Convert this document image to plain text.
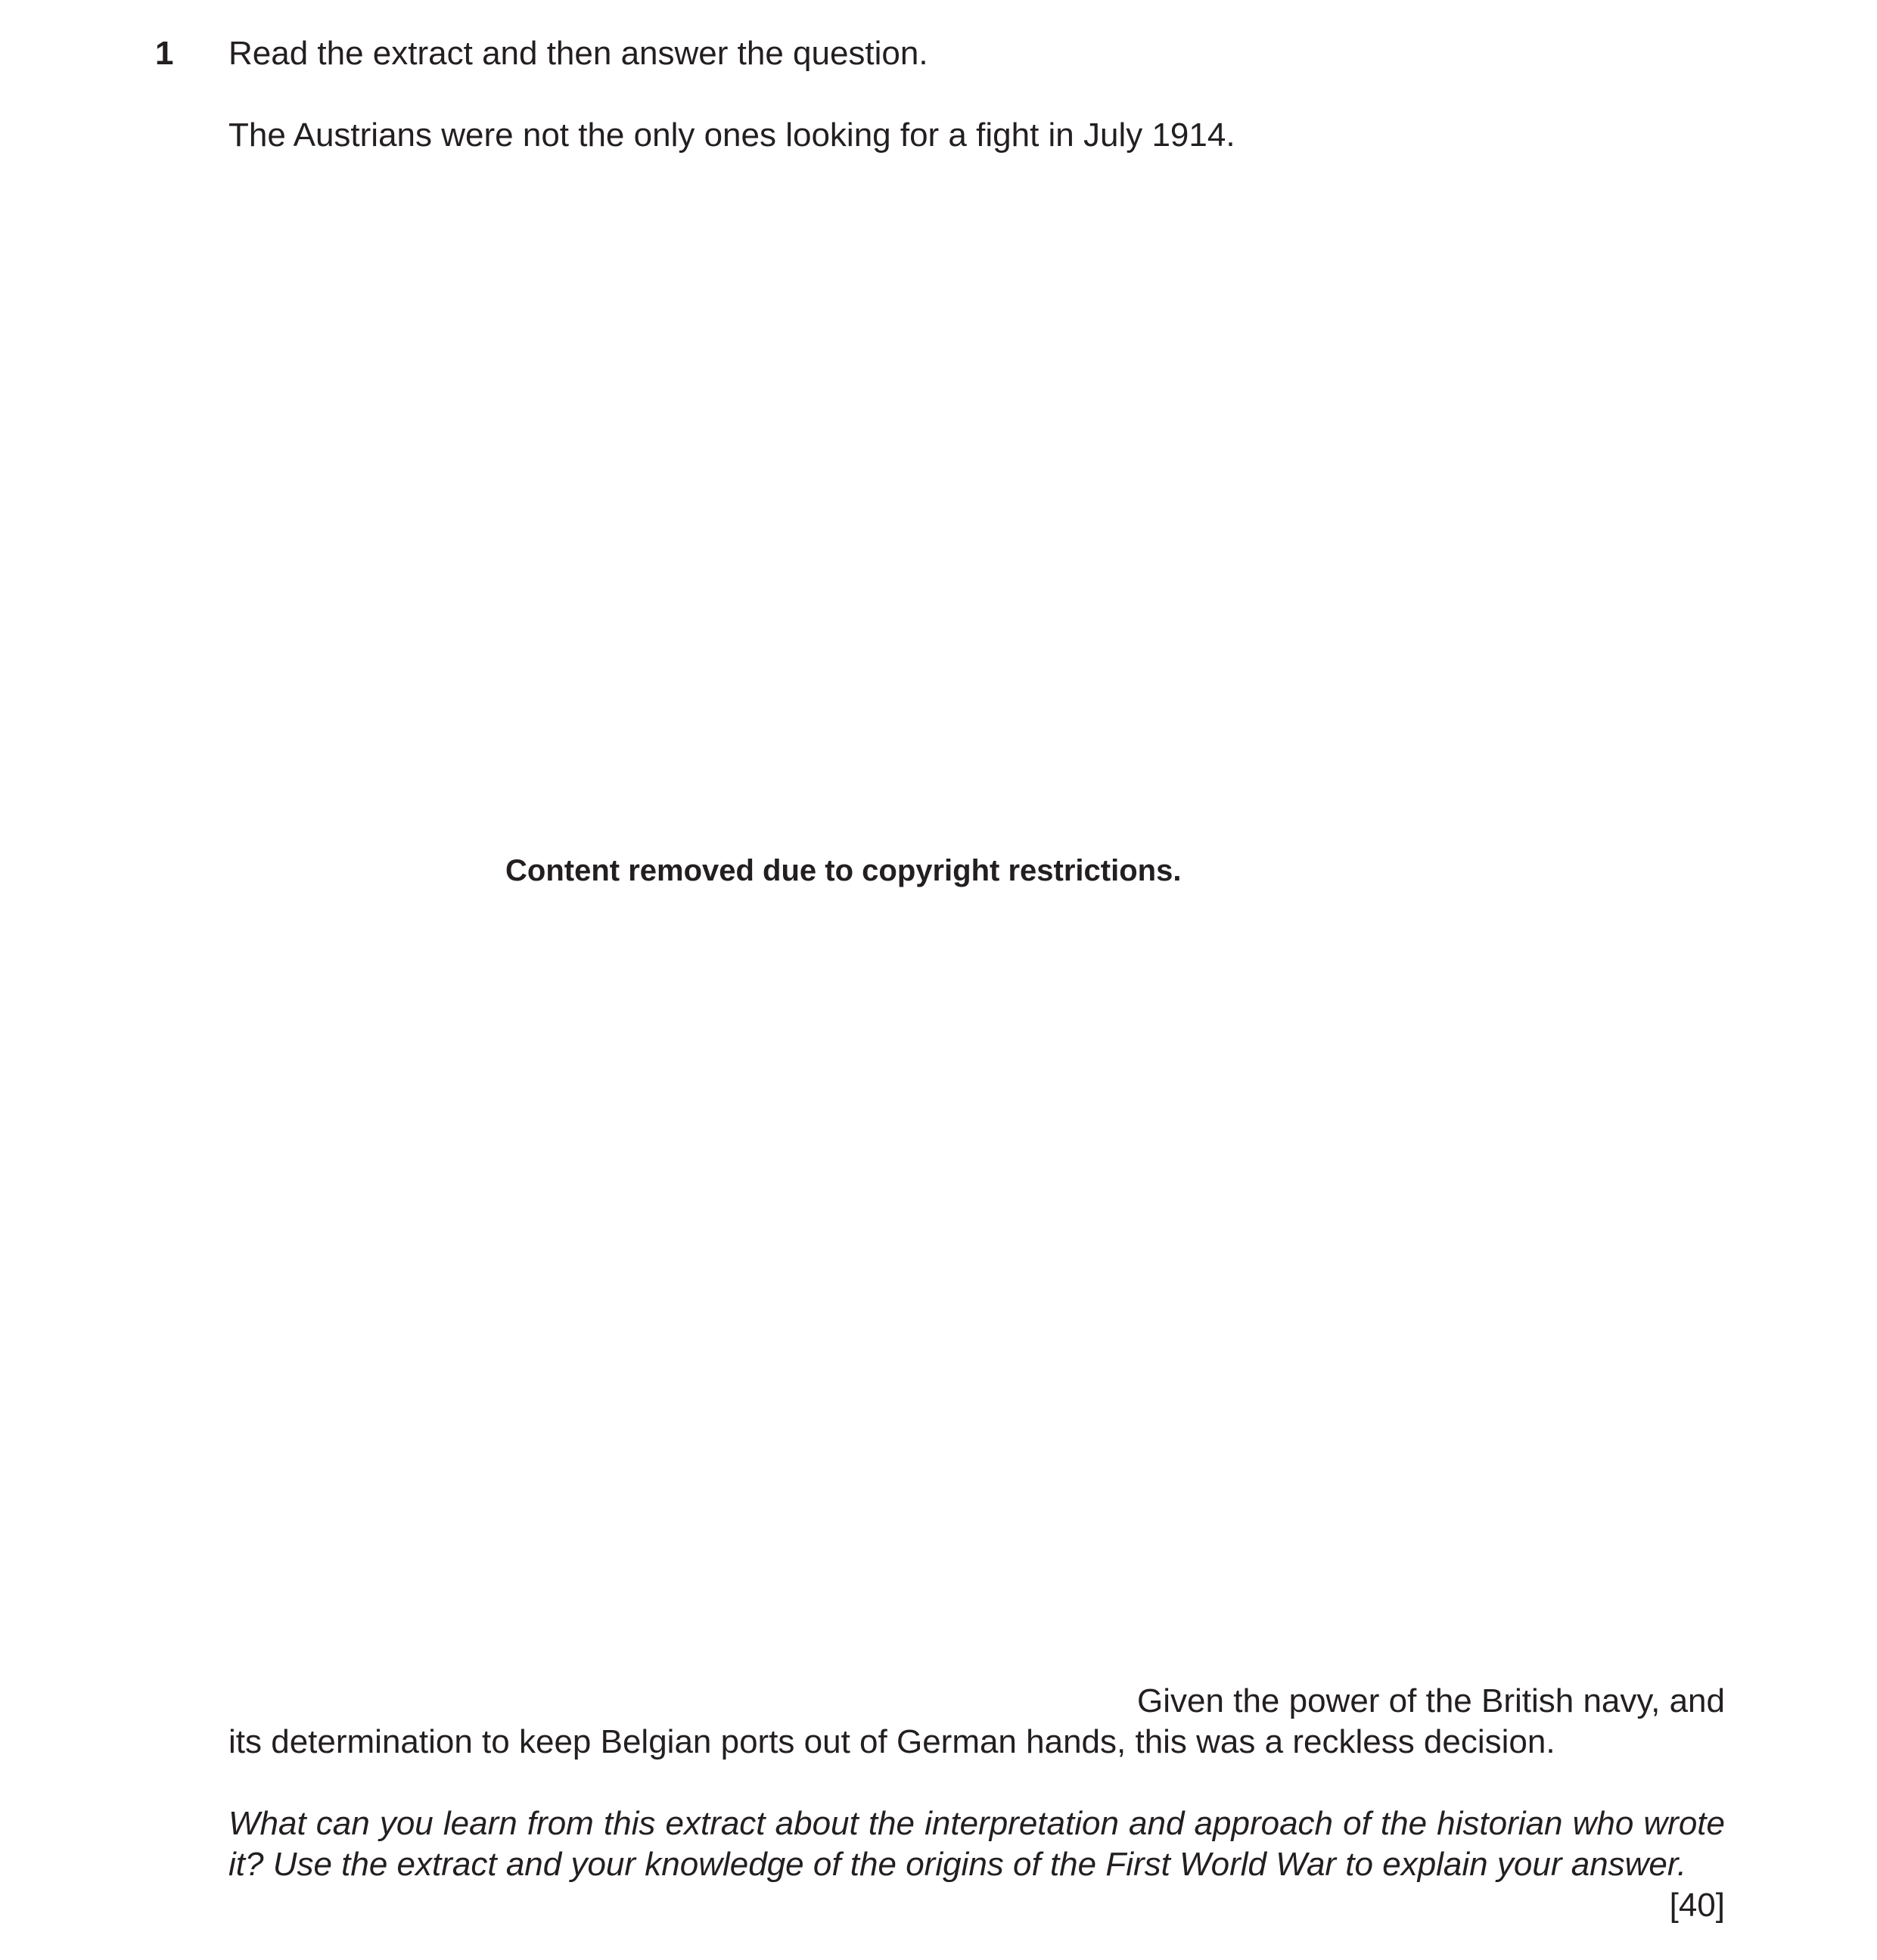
1 Read the extract and then answer the question.
The Austrians were not the only ones looking for a fight in July 1914.
Content removed due to copyright restrictions.
Given the power of the British navy, and
its determination to keep Belgian ports out of German hands, this was a reckless decision.
What can you learn from this extract about the interpretation and approach of the historian who wrote it? Use the extract and your knowledge of the origins of the First World War to explain your answer.
[40]
